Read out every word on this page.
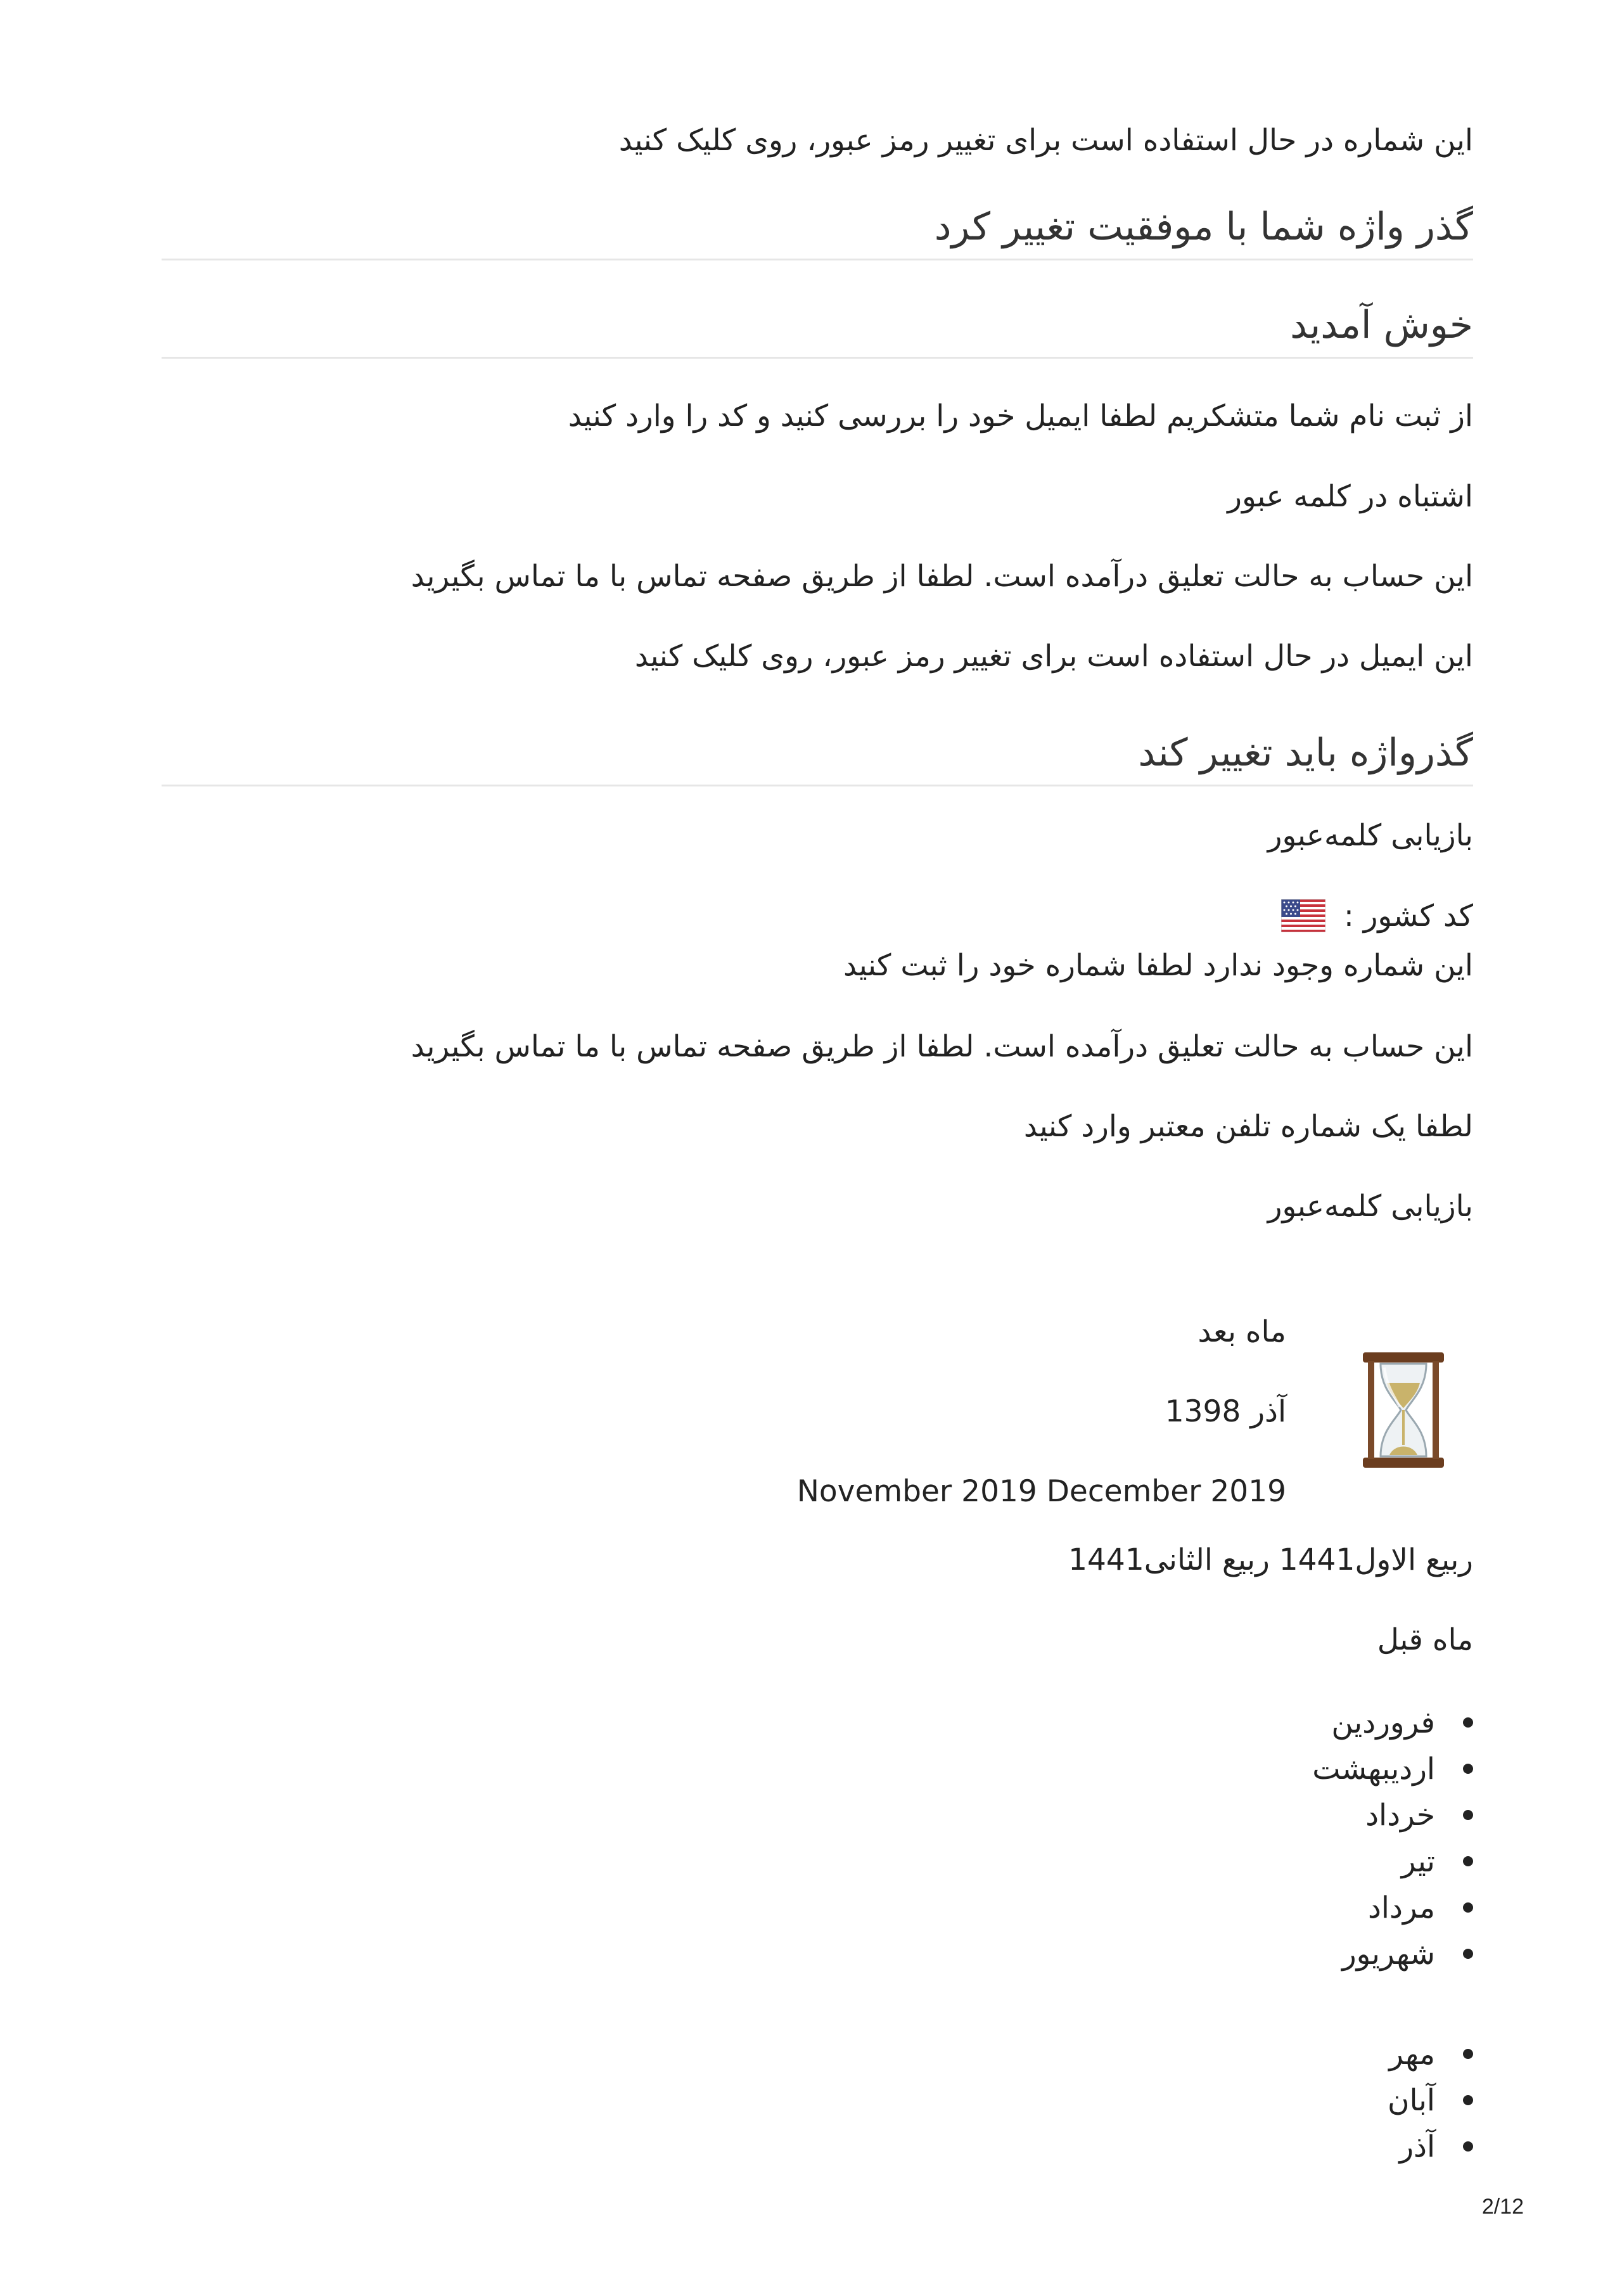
این شماره در حال استفاده است برای تغییر رمز عبور، روی کلیک کنید
گذر واژه شما با موفقیت تغییر کرد
خوش آمدید
از ثبت نام شما متشکریم لطفا ایمیل خود را بررسی کنید و کد را وارد کنید
اشتباه در کلمه عبور
این حساب به حالت تعلیق درآمده است. لطفا از طریق صفحه تماس با ما تماس بگیرید
این ایمیل در حال استفاده است برای تغییر رمز عبور، روی کلیک کنید
گذرواژه باید تغییر کند
بازیابی کلمه‌عبور
کد کشور :
این شماره وجود ندارد لطفا شماره خود را ثبت کنید
این حساب به حالت تعلیق درآمده است. لطفا از طریق صفحه تماس با ما تماس بگیرید
لطفا یک شماره تلفن معتبر وارد کنید
بازیابی کلمه‌عبور
ماه بعد
آذر 1398
November 2019 December 2019
ربیع الاول1441 ربیع الثانی1441
ماه قبل
فروردین
اردیبهشت
خرداد
تیر
مرداد
شهریور
مهر
آبان
آذر
2/12
